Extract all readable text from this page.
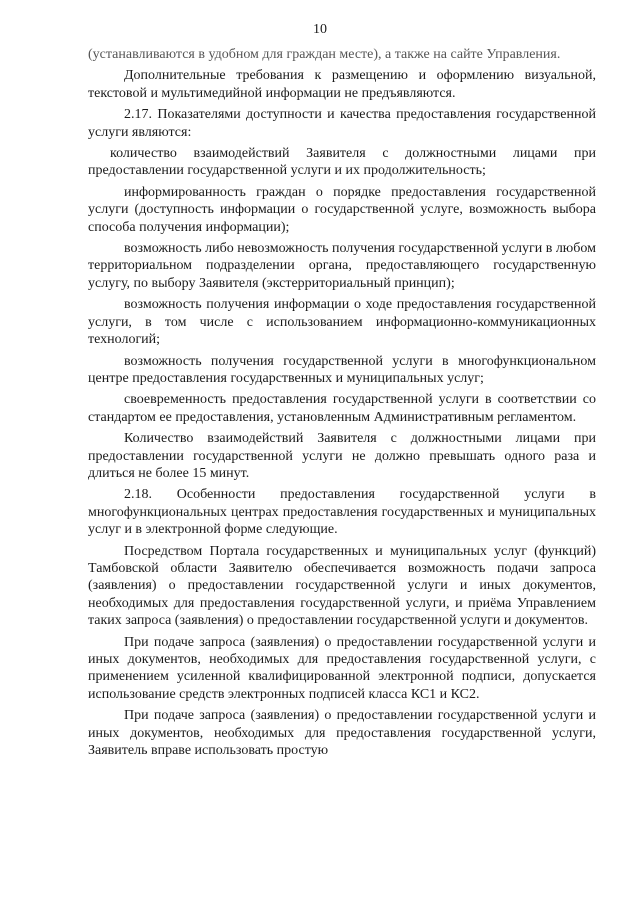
10

(устанавливаются в удобном для граждан месте), а также на сайте Управления.

Дополнительные требования к размещению и оформлению визуальной, текстовой и мультимедийной информации не предъявляются.

2.17. Показателями доступности и качества предоставления государственной услуги являются:

количество взаимодействий Заявителя с должностными лицами при предоставлении государственной услуги и их продолжительность;

информированность граждан о порядке предоставления государственной услуги (доступность информации о государственной услуге, возможность выбора способа получения информации);

возможность либо невозможность получения государственной услуги в любом территориальном подразделении органа, предоставляющего государственную услугу, по выбору Заявителя (экстерриториальный принцип);

возможность получения информации о ходе предоставления государственной услуги, в том числе с использованием информационно-коммуникационных технологий;

возможность получения государственной услуги в многофункциональном центре предоставления государственных и муниципальных услуг;

своевременность предоставления государственной услуги в соответствии со стандартом ее предоставления, установленным Административным регламентом.

Количество взаимодействий Заявителя с должностными лицами при предоставлении государственной услуги не должно превышать одного раза и длиться не более 15 минут.

2.18. Особенности предоставления государственной услуги в многофункциональных центрах предоставления государственных и муниципальных услуг и в электронной форме следующие.

Посредством Портала государственных и муниципальных услуг (функций) Тамбовской области Заявителю обеспечивается возможность подачи запроса (заявления) о предоставлении государственной услуги и иных документов, необходимых для предоставления государственной услуги, и приёма Управлением таких запроса (заявления) о предоставлении государственной услуги и документов.

При подаче запроса (заявления) о предоставлении государственной услуги и иных документов, необходимых для предоставления государственной услуги, с применением усиленной квалифицированной электронной подписи, допускается использование средств электронных подписей класса КС1 и КС2.

При подаче запроса (заявления) о предоставлении государственной услуги и иных документов, необходимых для предоставления государственной услуги, Заявитель вправе использовать простую
